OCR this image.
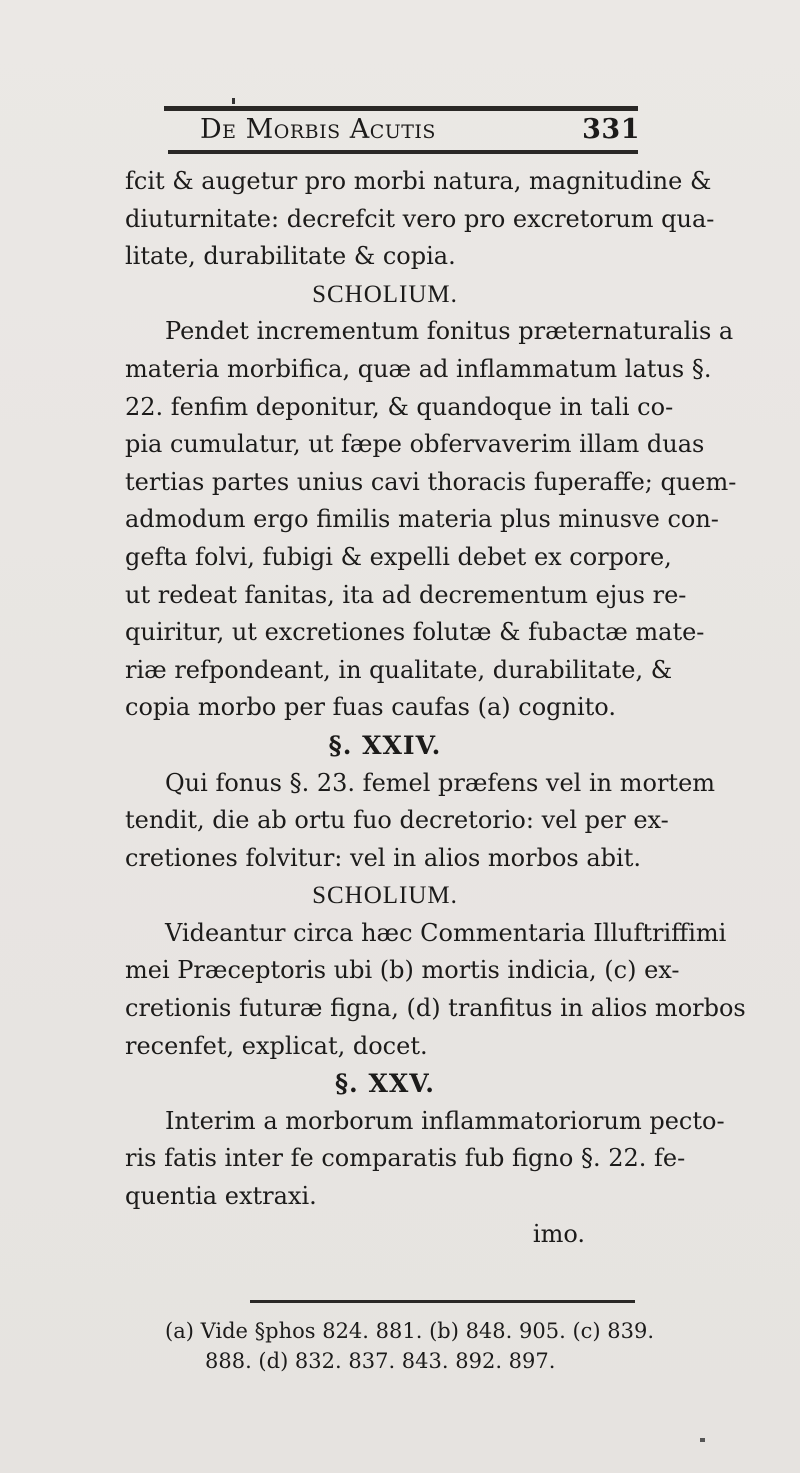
De Morbis Acutis	331
fcit & augetur pro morbi natura, magnitudine &
diuturnitate: decrefcit vero pro excretorum qua-
litate, durabilitate & copia.
SCHOLIUM.
Pendet incrementum fonitus præternaturalis a
materia morbifica, quæ ad inflammatum latus §.
22. fenfim deponitur, & quandoque in tali co-
pia cumulatur, ut fæpe obfervaverim illam duas
tertias partes unius cavi thoracis fuperaffe; quem-
admodum ergo fimilis materia plus minusve con-
gefta folvi, fubigi & expelli debet ex corpore,
ut redeat fanitas, ita ad decrementum ejus re-
quiritur, ut excretiones folutæ & fubactæ mate-
riæ refpondeant, in qualitate, durabilitate, &
copia morbo per fuas caufas (a) cognito.
§. XXIV.
Qui fonus §. 23. femel præfens vel in mortem
tendit, die ab ortu fuo decretorio: vel per ex-
cretiones folvitur: vel in alios morbos abit.
SCHOLIUM.
Videantur circa hæc Commentaria Illuftriffimi
mei Præceptoris ubi (b) mortis indicia, (c) ex-
cretionis futuræ figna, (d) tranfitus in alios morbos
recenfet, explicat, docet.
§. XXV.
Interim a morborum inflammatoriorum pecto-
ris fatis inter fe comparatis fub figno §. 22. fe-
quentia extraxi.
imo.
(a) Vide §phos 824. 881. (b) 848. 905. (c) 839.
888. (d) 832. 837. 843. 892. 897.
